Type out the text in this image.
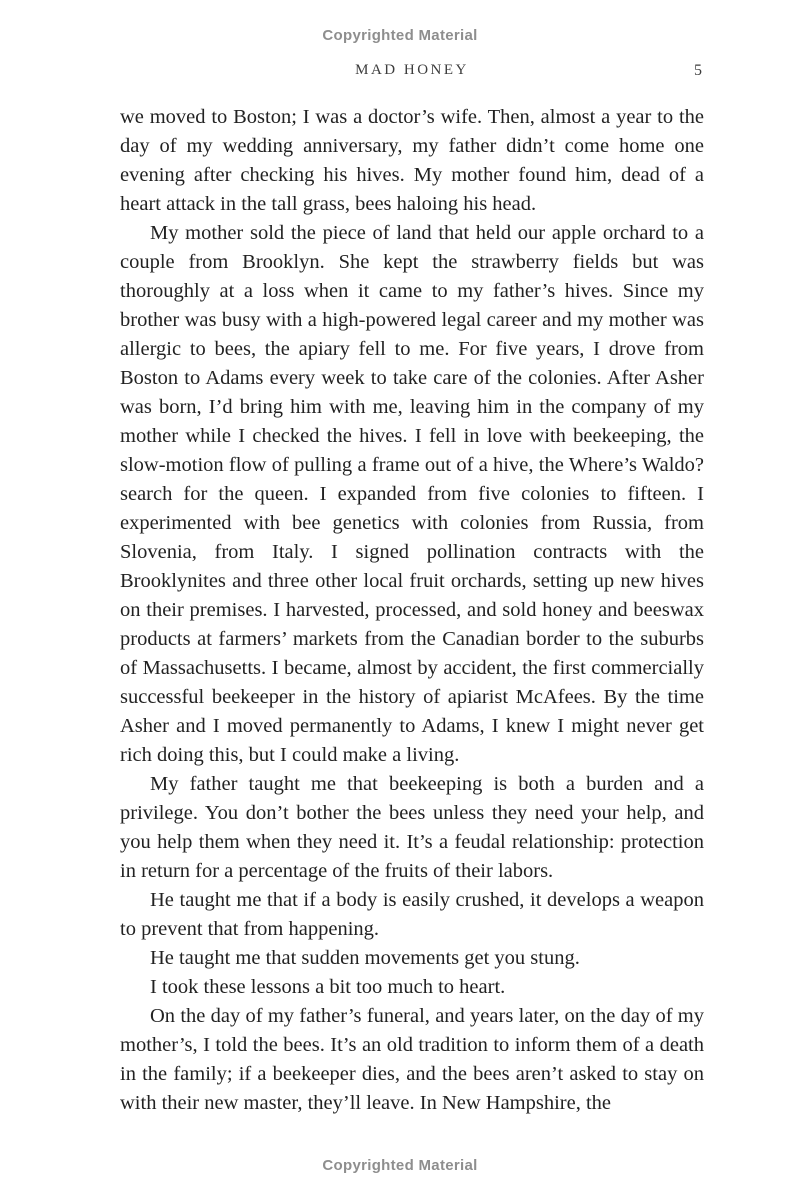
Copyrighted Material
MAD HONEY	5

we moved to Boston; I was a doctor’s wife. Then, almost a year to the day of my wedding anniversary, my father didn’t come home one evening after checking his hives. My mother found him, dead of a heart attack in the tall grass, bees haloing his head.

My mother sold the piece of land that held our apple orchard to a couple from Brooklyn. She kept the strawberry fields but was thoroughly at a loss when it came to my father’s hives. Since my brother was busy with a high-powered legal career and my mother was allergic to bees, the apiary fell to me. For five years, I drove from Boston to Adams every week to take care of the colonies. After Asher was born, I’d bring him with me, leaving him in the company of my mother while I checked the hives. I fell in love with beekeeping, the slow-motion flow of pulling a frame out of a hive, the Where’s Waldo? search for the queen. I expanded from five colonies to fifteen. I experimented with bee genetics with colonies from Russia, from Slovenia, from Italy. I signed pollination contracts with the Brooklynites and three other local fruit orchards, setting up new hives on their premises. I harvested, processed, and sold honey and beeswax products at farmers’ markets from the Canadian border to the suburbs of Massachusetts. I became, almost by accident, the first commercially successful beekeeper in the history of apiarist McAfees. By the time Asher and I moved permanently to Adams, I knew I might never get rich doing this, but I could make a living.

My father taught me that beekeeping is both a burden and a privilege. You don’t bother the bees unless they need your help, and you help them when they need it. It’s a feudal relationship: protection in return for a percentage of the fruits of their labors.

He taught me that if a body is easily crushed, it develops a weapon to prevent that from happening.

He taught me that sudden movements get you stung.

I took these lessons a bit too much to heart.

On the day of my father’s funeral, and years later, on the day of my mother’s, I told the bees. It’s an old tradition to inform them of a death in the family; if a beekeeper dies, and the bees aren’t asked to stay on with their new master, they’ll leave. In New Hampshire, the

Copyrighted Material
